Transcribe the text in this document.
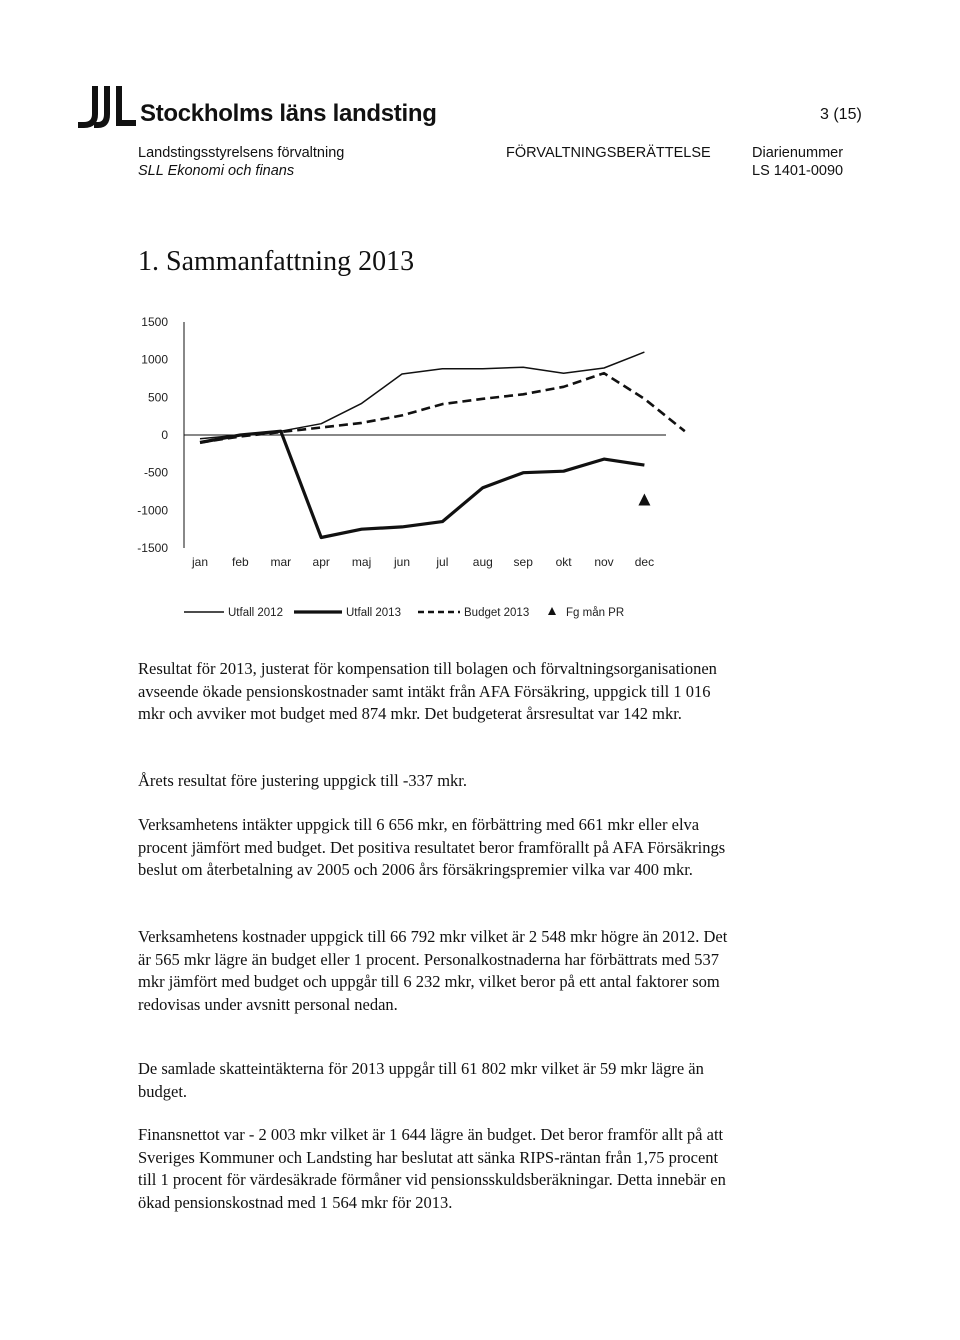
Stockholms läns landsting	3 (15)
Landstingsstyrelsens förvaltning
SLL Ekonomi och finans
FÖRVALTNINGSBERÄTTELSE	Diarienummer
LS 1401-0090
1. Sammanfattning 2013
1500
1000
500
0
-500
-1000
-1500
jan feb mar apr maj jun jul aug sep okt nov dec
Utfall 2012	Utfall 2013	Budget 2013	Fg mån PR

Resultat för 2013, justerat för kompensation till bolagen och förvaltningsorganisationen avseende ökade pensionskostnader samt intäkt från AFA Försäkring, uppgick till 1 016 mkr och avviker mot budget med 874 mkr. Det budgeterat årsresultat var 142 mkr.

Årets resultat före justering uppgick till -337 mkr.

Verksamhetens intäkter uppgick till 6 656 mkr, en förbättring med 661 mkr eller elva procent jämfört med budget. Det positiva resultatet beror framförallt på AFA Försäkrings beslut om återbetalning av 2005 och 2006 års försäkringspremier vilka var 400 mkr.

Verksamhetens kostnader uppgick till 66 792 mkr vilket är 2 548 mkr högre än 2012. Det är 565 mkr lägre än budget eller 1 procent. Personalkostnaderna har förbättrats med 537 mkr jämfört med budget och uppgår till 6 232 mkr, vilket beror på ett antal faktorer som redovisas under avsnitt personal nedan.

De samlade skatteintäkterna för 2013 uppgår till 61 802 mkr vilket är 59 mkr lägre än budget.

Finansnettot var - 2 003 mkr vilket är 1 644 lägre än budget. Det beror framför allt på att Sveriges Kommuner och Landsting har beslutat att sänka RIPS-räntan från 1,75 procent till 1 procent för värdesäkrade förmåner vid pensionsskuldsberäkningar. Detta innebär en ökad pensionskostnad med 1 564 mkr för 2013.
